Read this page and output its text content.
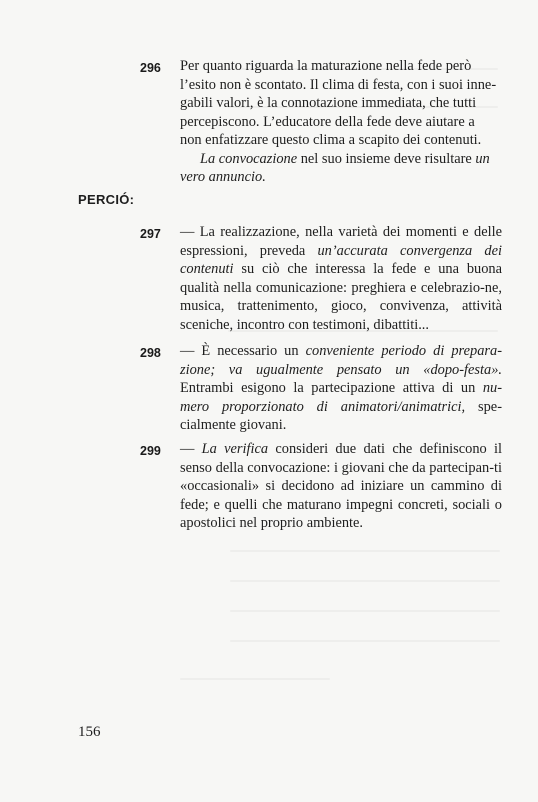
296	Per quanto riguarda la maturazione nella fede però
l’esito non è scontato. Il clima di festa, con i suoi inne-
gabili valori, è la connotazione immediata, che tutti
percepiscono. L’educatore della fede deve aiutare a
non enfatizzare questo clima a scapito dei contenuti.
La convocazione nel suo insieme deve risultare un
vero annuncio.
PERCIÓ:
297	— La realizzazione, nella varietà dei momenti e delle espressioni, preveda un’accurata convergenza dei contenuti su ciò che interessa la fede e una buona qualità nella comunicazione: preghiera e celebrazio-ne, musica, trattenimento, gioco, convivenza, attività sceniche, incontro con testimoni, dibattiti...
298	— È necessario un conveniente periodo di prepara-zione; va ugualmente pensato un «dopo-festa». Entrambi esigono la partecipazione attiva di un nu-mero proporzionato di animatori/animatrici, spe-cialmente giovani.
299	— La verifica consideri due dati che definiscono il senso della convocazione: i giovani che da partecipan-ti «occasionali» si decidono ad iniziare un cammino di fede; e quelli che maturano impegni concreti, sociali o apostolici nel proprio ambiente.
156
